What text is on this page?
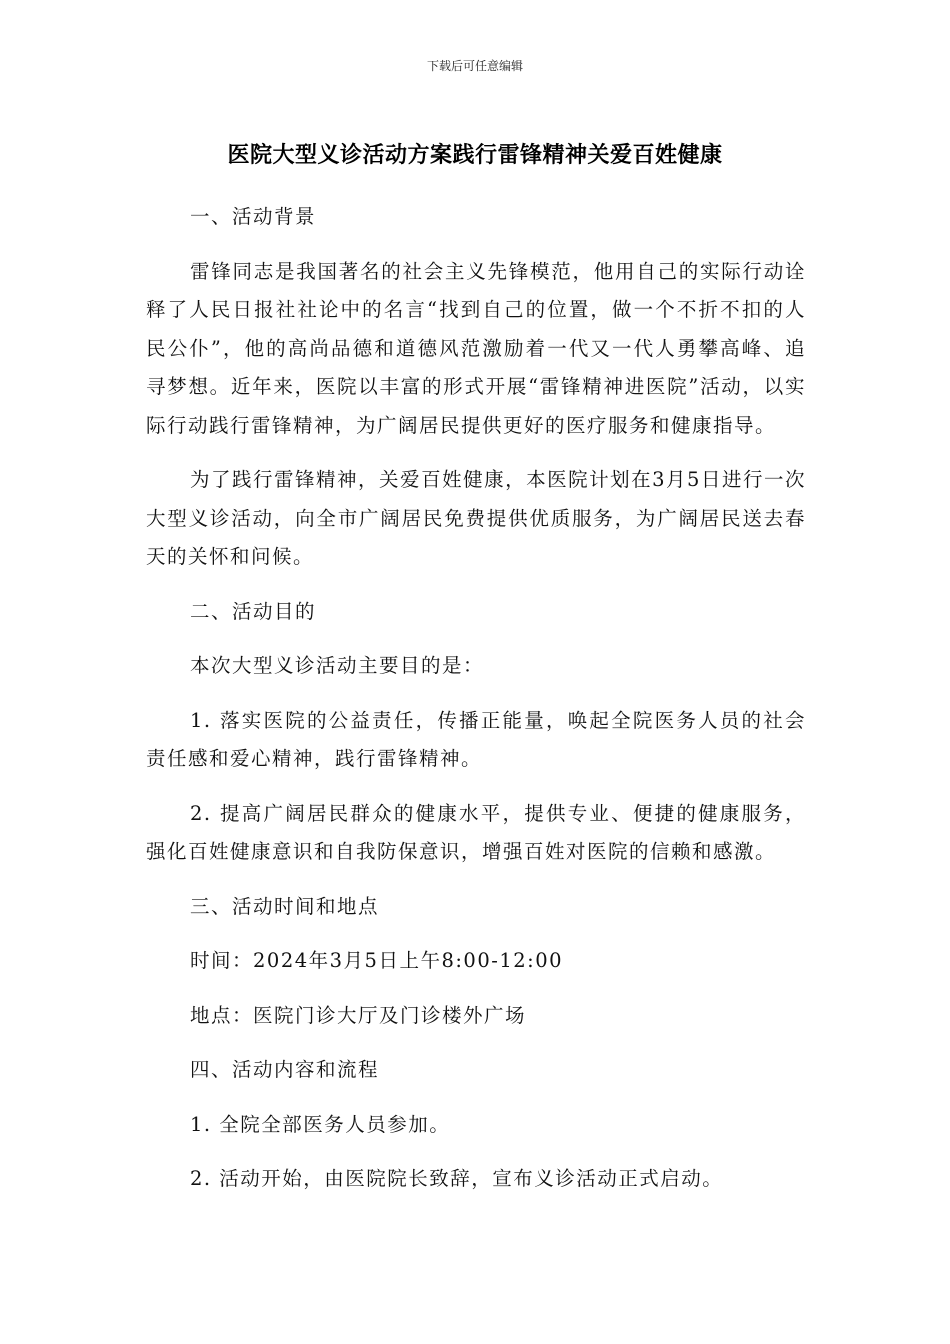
下载后可任意编辑
医院大型义诊活动方案践行雷锋精神关爱百姓健康

一、活动背景

雷锋同志是我国著名的社会主义先锋模范，他用自己的实际行动诠释了人民日报社社论中的名言“找到自己的位置，做一个不折不扣的人民公仆”，他的高尚品德和道德风范激励着一代又一代人勇攀高峰、追寻梦想。近年来，医院以丰富的形式开展“雷锋精神进医院”活动，以实际行动践行雷锋精神，为广阔居民提供更好的医疗服务和健康指导。

为了践行雷锋精神，关爱百姓健康，本医院计划在3月5日进行一次大型义诊活动，向全市广阔居民免费提供优质服务，为广阔居民送去春天的关怀和问候。

二、活动目的

本次大型义诊活动主要目的是：

1. 落实医院的公益责任，传播正能量，唤起全院医务人员的社会责任感和爱心精神，践行雷锋精神。

2. 提高广阔居民群众的健康水平，提供专业、便捷的健康服务，强化百姓健康意识和自我防保意识，增强百姓对医院的信赖和感激。

三、活动时间和地点

时间：2024年3月5日上午8:00-12:00

地点：医院门诊大厅及门诊楼外广场

四、活动内容和流程

1. 全院全部医务人员参加。

2. 活动开始，由医院院长致辞，宣布义诊活动正式启动。
